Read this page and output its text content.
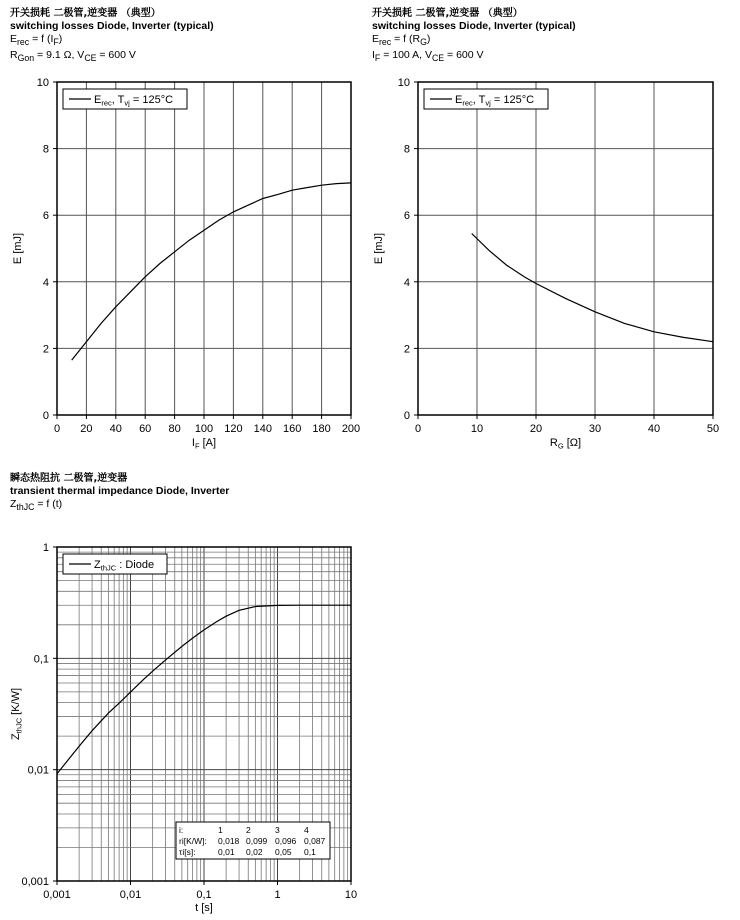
开关损耗 二极管,逆变器 （典型）
switching losses Diode, Inverter (typical)
$E_{rec} = f$ $(I_F)$
$R_{Gon} = 9.1$ Ω, $V_{CE} = 600$ V
开关损耗 二极管,逆变器 （典型）
switching losses Diode, Inverter (typical)
$E_{rec} = f$ $(R_G)$
$I_F = 100$ A, $V_{CE} = 600$ V
瞬态热阻抗 二极管,逆变器
transient thermal impedance Diode, Inverter
$Z_{thJC} = f$ (t)
0 20 40 60 80 100 120 140 160 180 200
0
2
4
6
8
10
$I_F$ [A]
E [mJ]
$E_{rec}$, $T_{vj} = 125^\circ C$
0	10	20	30	40	50
0
2
4
6
8
10
$R_G$ [Ω]
E [mJ]
$E_{rec}$, $T_{vj} = 125^\circ C$
0,001	0,01	0,1	1	10
0,001
0,01
0,1
1
t [s]
$Z_{thJC}$ [K/W]
$Z_{thJC}$ : Diode
i:	1	2	3	4
ri[K/W]: 0,018 0,099 0,096 0,087
τi[s]:	0,01 0,02 0,05 0,1
